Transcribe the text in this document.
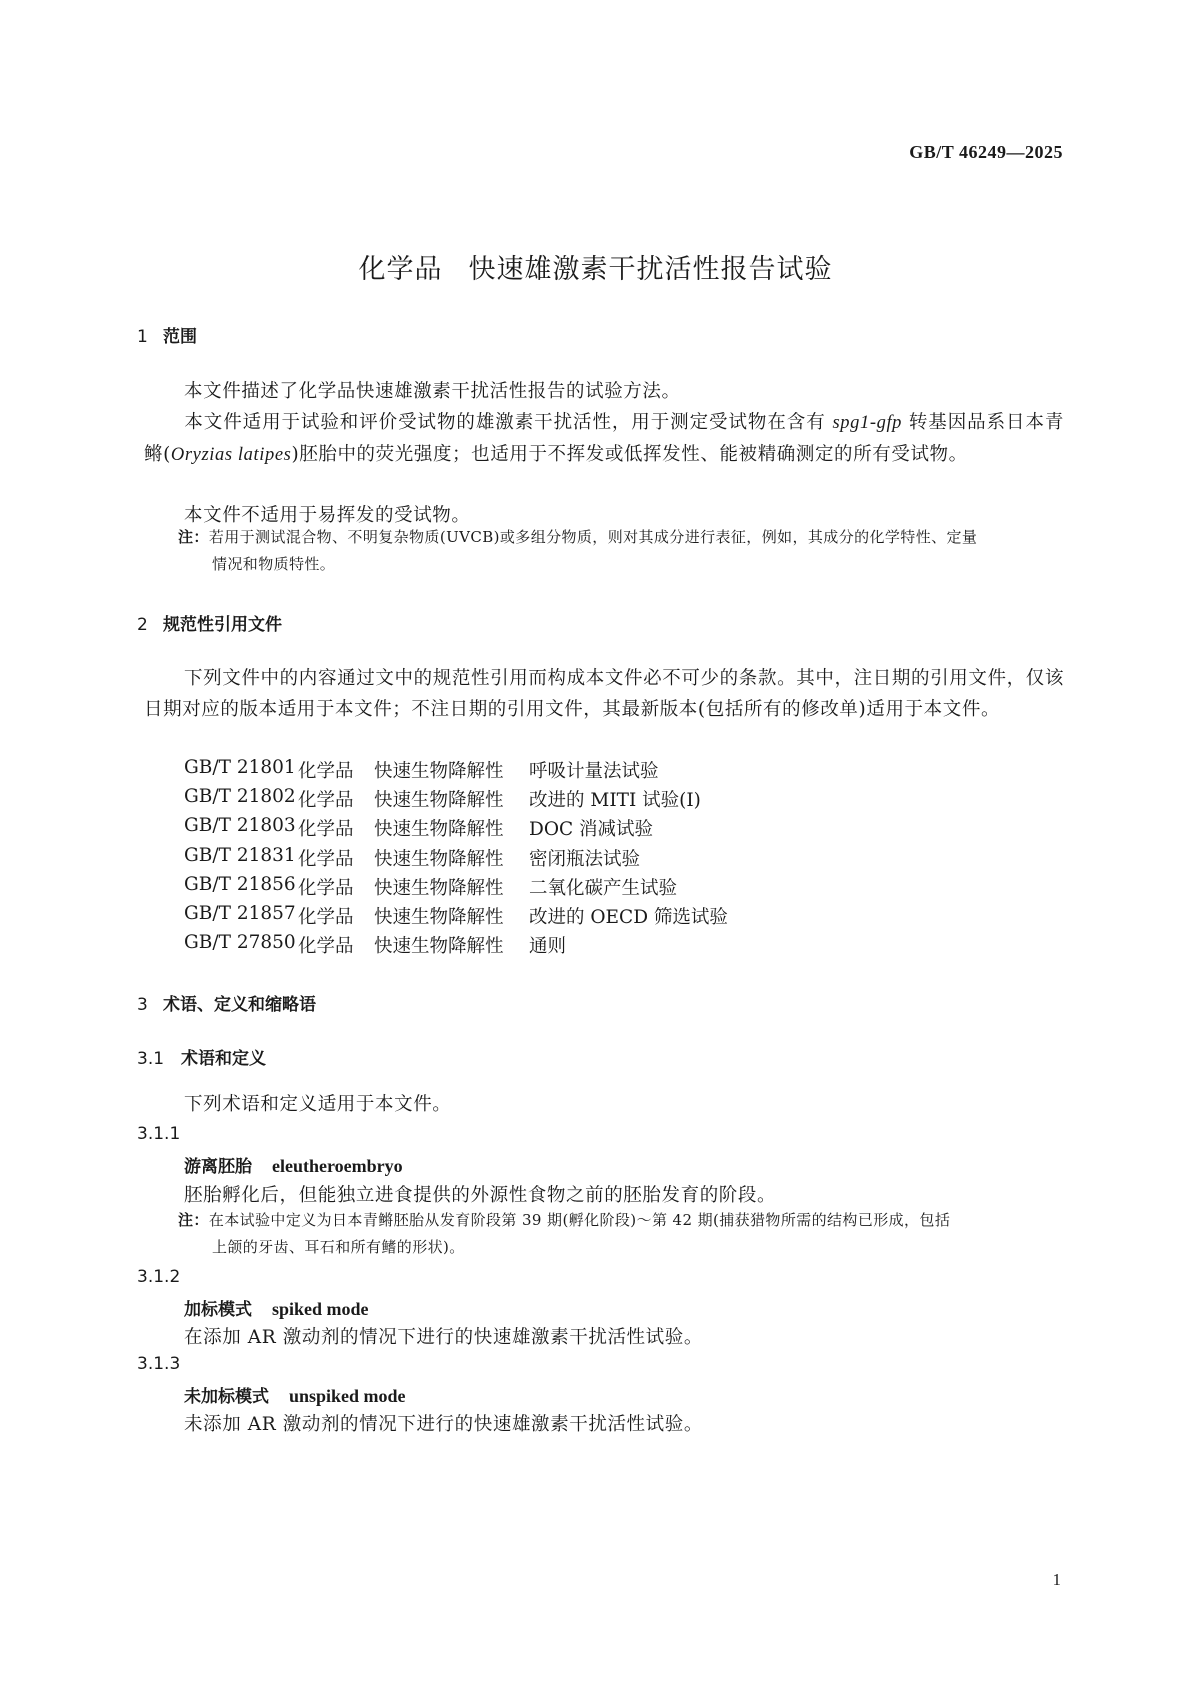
GB/T 46249—2025
化学品 快速雄激素干扰活性报告试验
1 范围

本文件描述了化学品快速雄激素干扰活性报告的试验方法。

本文件适用于试验和评价受试物的雄激素干扰活性，用于测定受试物在含有 spg1-gfp 转基因品系日本青鳉(Oryzias latipes)胚胎中的荧光强度；也适用于不挥发或低挥发性、能被精确测定的所有受试物。

本文件不适用于易挥发的受试物。

注：若用于测试混合物、不明复杂物质(UVCB)或多组分物质，则对其成分进行表征，例如，其成分的化学特性、定量
情况和物质特性。
2 规范性引用文件

下列文件中的内容通过文中的规范性引用而构成本文件必不可少的条款。其中，注日期的引用文件，仅该日期对应的版本适用于本文件；不注日期的引用文件，其最新版本(包括所有的修改单)适用于本文件。

GB/T 21801 化学品 快速生物降解性 呼吸计量法试验
GB/T 21802 化学品 快速生物降解性 改进的 MITI 试验(Ⅰ)
GB/T 21803 化学品 快速生物降解性 DOC 消减试验
GB/T 21831 化学品 快速生物降解性 密闭瓶法试验
GB/T 21856 化学品 快速生物降解性 二氧化碳产生试验
GB/T 21857 化学品 快速生物降解性 改进的 OECD 筛选试验
GB/T 27850 化学品 快速生物降解性 通则
3 术语、定义和缩略语
3.1 术语和定义

下列术语和定义适用于本文件。

3.1.1
游离胚胎 eleutheroembryo
胚胎孵化后，但能独立进食提供的外源性食物之前的胚胎发育的阶段。
注：在本试验中定义为日本青鳉胚胎从发育阶段第 39 期(孵化阶段)～第 42 期(捕获猎物所需的结构已形成，包括
上颌的牙齿、耳石和所有鳍的形状)。
3.1.2
加标模式 spiked mode
在添加 AR 激动剂的情况下进行的快速雄激素干扰活性试验。
3.1.3
未加标模式 unspiked mode
未添加 AR 激动剂的情况下进行的快速雄激素干扰活性试验。
1
